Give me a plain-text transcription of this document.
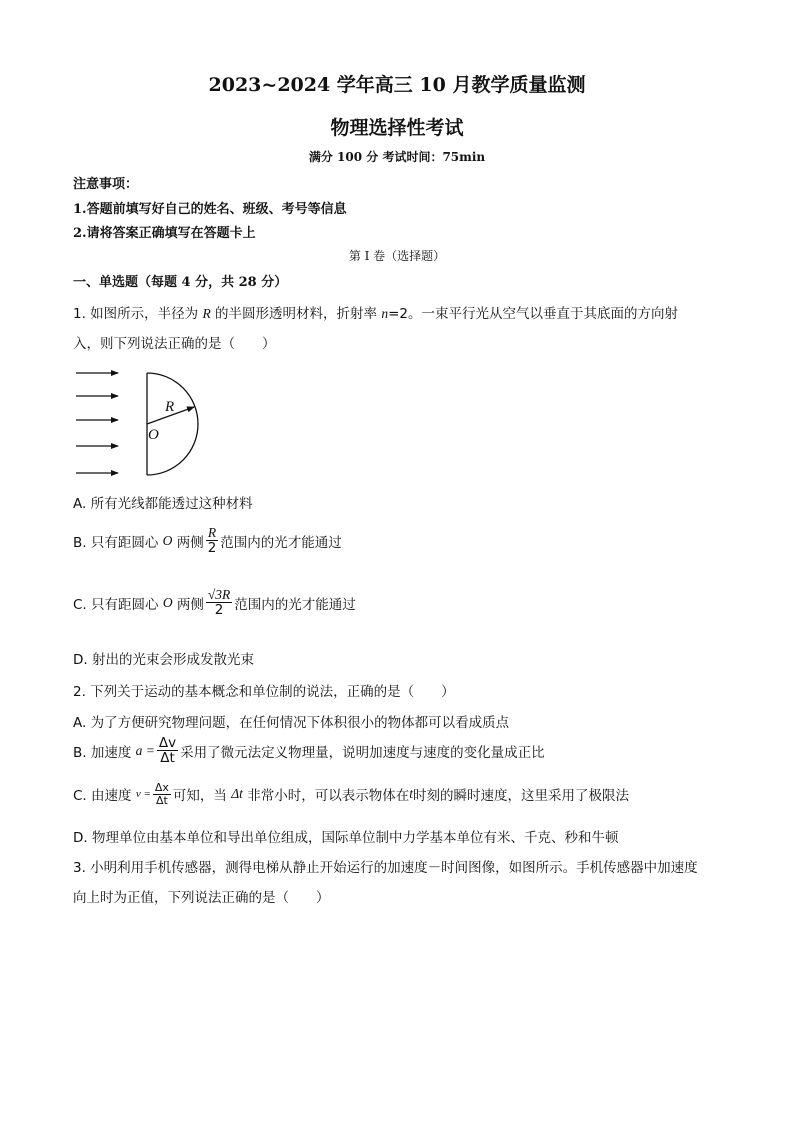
2023~2024 学年高三 10 月教学质量监测
物理选择性考试
满分 100 分 考试时间：75min
注意事项：
1.答题前填写好自己的姓名、班级、考号等信息
2.请将答案正确填写在答题卡上
第 I 卷（选择题）
一、单选题（每题 4 分，共 28 分）
1. 如图所示，半径为 R 的半圆形透明材料，折射率 n=2。一束平行光从空气以垂直于其底面的方向射
入，则下列说法正确的是（　　）
R
O
A. 所有光线都能透过这种材料
B. 只有距圆心
O
两侧 $\frac{R}{2}$ 范围内的光才能通过
C. 只有距圆心
O
两侧 $\frac{√3R}{2}$ 范围内的光才能通过
D. 射出的光束会形成发散光束
2. 下列关于运动的基本概念和单位制的说法，正确的是（　　）
A. 为了方便研究物理问题，在任何情况下体积很小的物体都可以看成质点
B. 加速度
$a = \frac{\Delta v}{\Delta t}$ 采用了微元法定义物理量，说明加速度与速度的变化量成正比
C. 由速度
$v = \frac{\Delta x}{\Delta t}$ 可知，当
Δt
非常小时，可以表示物体在 t 时刻的瞬时速度，这里采用了极限法
D. 物理单位由基本单位和导出单位组成，国际单位制中力学基本单位有米、千克、秒和牛顿
3. 小明利用手机传感器，测得电梯从静止开始运行的加速度－时间图像，如图所示。手机传感器中加速度
向上时为正值，下列说法正确的是（　　）
